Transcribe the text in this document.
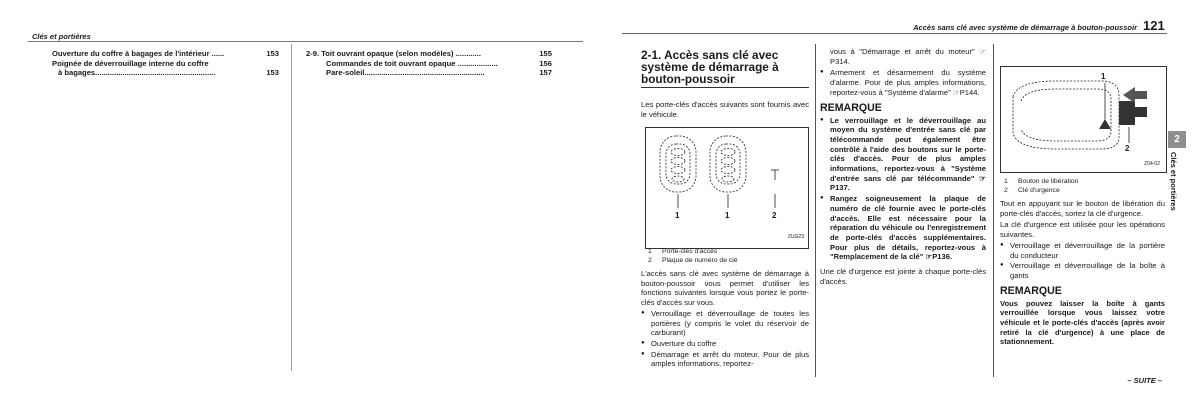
Clés et portières
Ouverture du coffre à bagages de l'intérieur ......	153
Poignée de déverrouillage interne du coffre
à bagages.........................................................	153
2-9. Toit ouvrant opaque (selon modèles) ............	155
Commandes de toit ouvrant opaque ...................	156
Pare-soleil.........................................................	157
Accès sans clé avec système de démarrage à bouton-poussoir 121
2-1. Accès sans clé avec
système de démarrage à
bouton-poussoir
Les porte-clés d'accès suivants sont fournis avec le véhicule.
1	1	2
ZUG23
1 Porte-clés d'accès
2 Plaque de numéro de clé
L'accès sans clé avec système de démarrage à bouton-poussoir vous permet d'utiliser les fonctions suivantes lorsque vous portez le porte-clés d'accès sur vous.
● Verrouillage et déverrouillage de toutes les portières (y compris le volet du réservoir de carburant)
● Ouverture du coffre
● Démarrage et arrêt du moteur. Pour de plus amples informations, reportez-
vous à "Démarrage et arrêt du moteur" ☞P314.
● Armement et désarmement du système d'alarme. Pour de plus amples informations, reportez-vous à "Système d'alarme" ☞P144.
REMARQUE
● Le verrouillage et le déverrouillage au moyen du système d'entrée sans clé par télécommande peut également être contrôlé à l'aide des boutons sur le porte-clés d'accès. Pour de plus amples informations, reportez-vous à "Système d'entrée sans clé par télécommande" ☞P137.
● Rangez soigneusement la plaque de numéro de clé fournie avec le porte-clés d'accès. Elle est nécessaire pour la réparation du véhicule ou l'enregistrement de porte-clés d'accès supplémentaires. Pour plus de détails, reportez-vous à "Remplacement de la clé" ☞P136.
Une clé d'urgence est jointe à chaque porte-clés d'accès.
1
2
Z04-02
1 Bouton de libération
2 Clé d'urgence
Tout en appuyant sur le bouton de libération du porte-clés d'accès, sortez la clé d'urgence.
La clé d'urgence est utilisée pour les opérations suivantes.
● Verrouillage et déverrouillage de la portière du conducteur
● Verrouillage et déverrouillage de la boîte à gants
REMARQUE
Vous pouvez laisser la boîte à gants verrouillée lorsque vous laissez votre véhicule et le porte-clés d'accès (après avoir retiré la clé d'urgence) à une place de stationnement.
– SUITE –
2
Clés et portières
